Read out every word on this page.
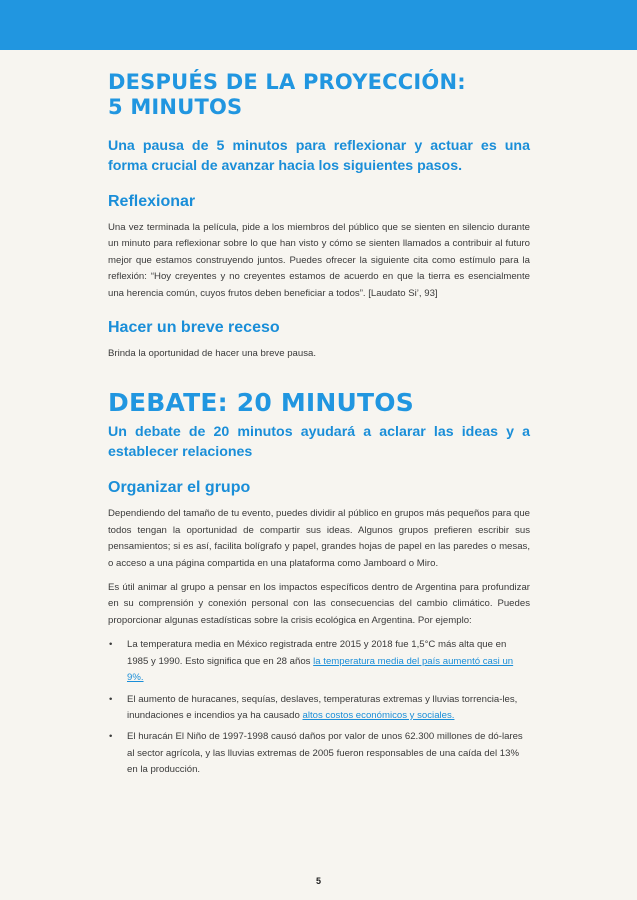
DESPUÉS DE LA PROYECCIÓN:
5 MINUTOS
Una pausa de 5 minutos para reflexionar y actuar es una forma crucial de avanzar hacia los siguientes pasos.
Reflexionar

Una vez terminada la película, pide a los miembros del público que se sienten en silencio durante un minuto para reflexionar sobre lo que han visto y cómo se sienten llamados a contribuir al futuro mejor que estamos construyendo juntos. Puedes ofrecer la siguiente cita como estímulo para la reflexión: “Hoy creyentes y no creyentes estamos de acuerdo en que la tierra es esencialmente una herencia común, cuyos frutos deben beneficiar a todos”. [Laudato Si’, 93]

Hacer un breve receso

Brinda la oportunidad de hacer una breve pausa.

DEBATE: 20 MINUTOS
Un debate de 20 minutos ayudará a aclarar las ideas y a establecer relaciones
Organizar el grupo

Dependiendo del tamaño de tu evento, puedes dividir al público en grupos más pequeños para que todos tengan la oportunidad de compartir sus ideas. Algunos grupos prefieren escribir sus pensamientos; si es así, facilita bolígrafo y papel, grandes hojas de papel en las paredes o mesas, o acceso a una página compartida en una plataforma como Jamboard o Miro.

Es útil animar al grupo a pensar en los impactos específicos dentro de Argentina para profundizar en su comprensión y conexión personal con las consecuencias del cambio climático. Puedes proporcionar algunas estadísticas sobre la crisis ecológica en Argentina. Por ejemplo:

• La temperatura media en México registrada entre 2015 y 2018 fue 1,5°C más alta que en 1985 y 1990. Esto significa que en 28 años la temperatura media del país aumentó casi un 9%.
• El aumento de huracanes, sequías, deslaves, temperaturas extremas y lluvias torrencia-les, inundaciones e incendios ya ha causado altos costos económicos y sociales.
• El huracán El Niño de 1997-1998 causó daños por valor de unos 62.300 millones de dó-lares al sector agrícola, y las lluvias extremas de 2005 fueron responsables de una caída del 13% en la producción.
5
